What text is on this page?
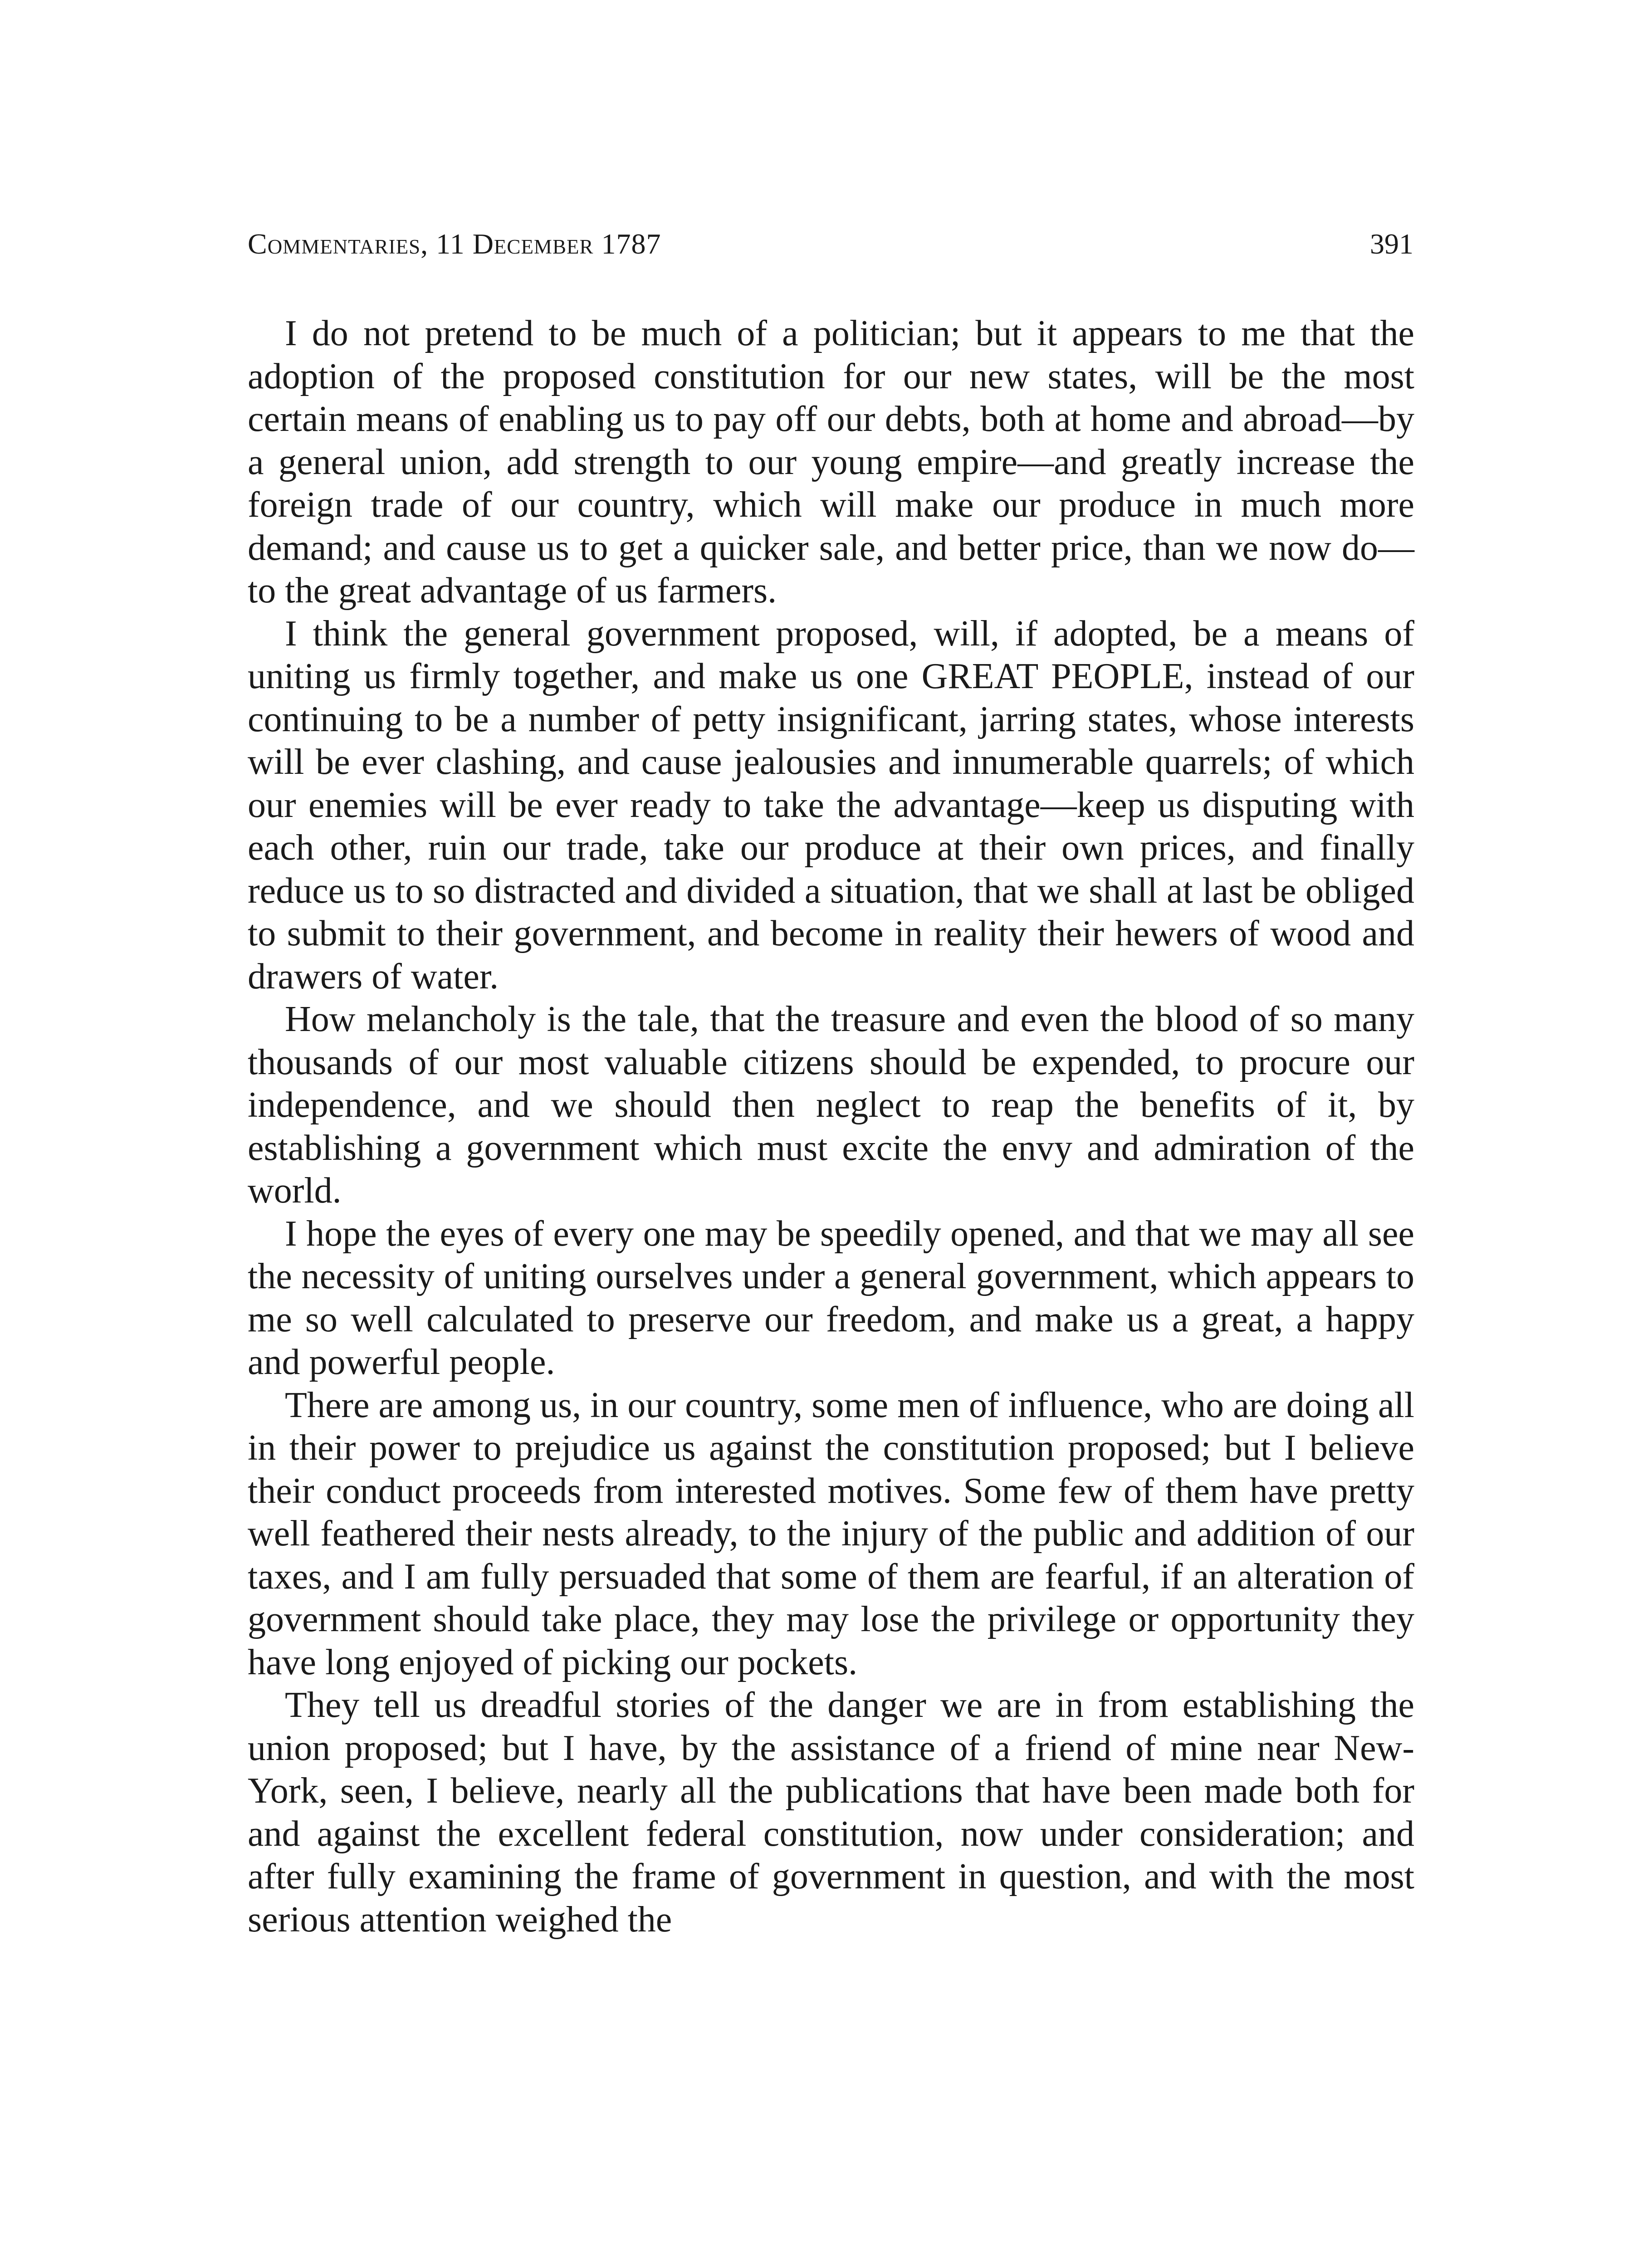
Commentaries, 11 December 1787	391

I do not pretend to be much of a politician; but it appears to me that the adoption of the proposed constitution for our new states, will be the most certain means of enabling us to pay off our debts, both at home and abroad—by a general union, add strength to our young empire—and greatly increase the foreign trade of our country, which will make our produce in much more demand; and cause us to get a quicker sale, and better price, than we now do—to the great advantage of us farmers.

I think the general government proposed, will, if adopted, be a means of uniting us firmly together, and make us one GREAT PEOPLE, instead of our continuing to be a number of petty insignificant, jarring states, whose interests will be ever clashing, and cause jealousies and innumerable quarrels; of which our enemies will be ever ready to take the advantage—keep us disputing with each other, ruin our trade, take our produce at their own prices, and finally reduce us to so distracted and divided a situation, that we shall at last be obliged to submit to their government, and become in reality their hewers of wood and drawers of water.

How melancholy is the tale, that the treasure and even the blood of so many thousands of our most valuable citizens should be expended, to procure our independence, and we should then neglect to reap the benefits of it, by establishing a government which must excite the envy and admiration of the world.

I hope the eyes of every one may be speedily opened, and that we may all see the necessity of uniting ourselves under a general government, which appears to me so well calculated to preserve our freedom, and make us a great, a happy and powerful people.

There are among us, in our country, some men of influence, who are doing all in their power to prejudice us against the constitution proposed; but I believe their conduct proceeds from interested motives. Some few of them have pretty well feathered their nests already, to the injury of the public and addition of our taxes, and I am fully persuaded that some of them are fearful, if an alteration of government should take place, they may lose the privilege or opportunity they have long enjoyed of picking our pockets.

They tell us dreadful stories of the danger we are in from establishing the union proposed; but I have, by the assistance of a friend of mine near New-York, seen, I believe, nearly all the publications that have been made both for and against the excellent federal constitution, now under consideration; and after fully examining the frame of government in question, and with the most serious attention weighed the
